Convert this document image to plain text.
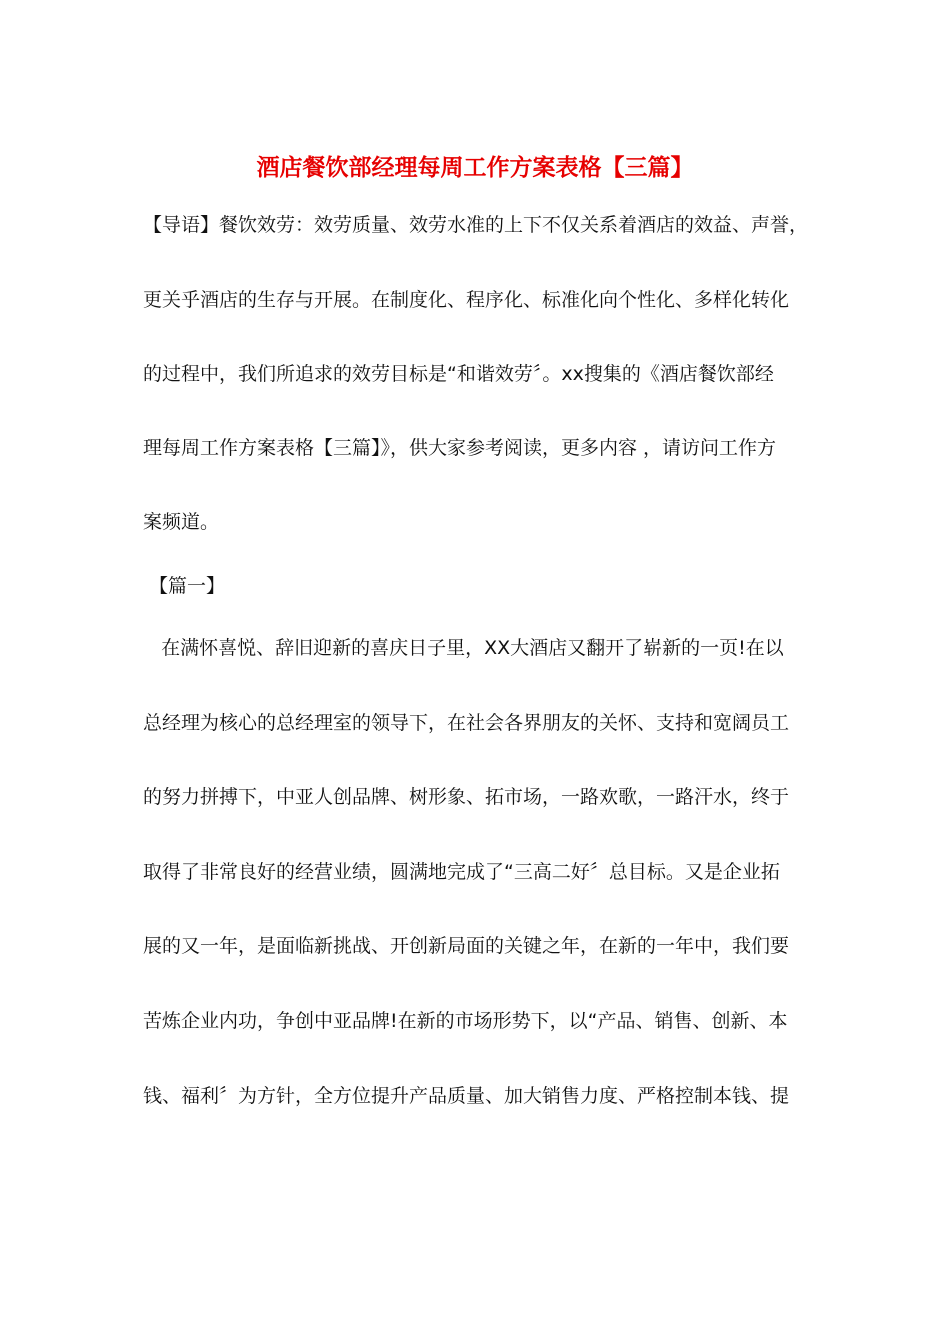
酒店餐饮部经理每周工作方案表格【三篇】
【导语】餐饮效劳：效劳质量、效劳水准的上下不仅关系着酒店的效益、声誉，
更关乎酒店的生存与开展。在制度化、程序化、标准化向个性化、多样化转化
的过程中，我们所追求的效劳目标是“和谐效劳〞。xx搜集的《酒店餐饮部经
理每周工作方案表格【三篇】》，供大家参考阅读，更多内容 ，请访问工作方
案频道。
【篇一】
在满怀喜悦、辞旧迎新的喜庆日子里，XX大酒店又翻开了崭新的一页!在以
总经理为核心的总经理室的领导下，在社会各界朋友的关怀、支持和宽阔员工
的努力拼搏下，中亚人创品牌、树形象、拓市场，一路欢歌，一路汗水，终于
取得了非常良好的经营业绩，圆满地完成了“三高二好〞总目标。又是企业拓
展的又一年，是面临新挑战、开创新局面的关键之年，在新的一年中，我们要
苦炼企业内功，争创中亚品牌!在新的市场形势下，以“产品、销售、创新、本
钱、福利〞为方针，全方位提升产品质量、加大销售力度、严格控制本钱、提
